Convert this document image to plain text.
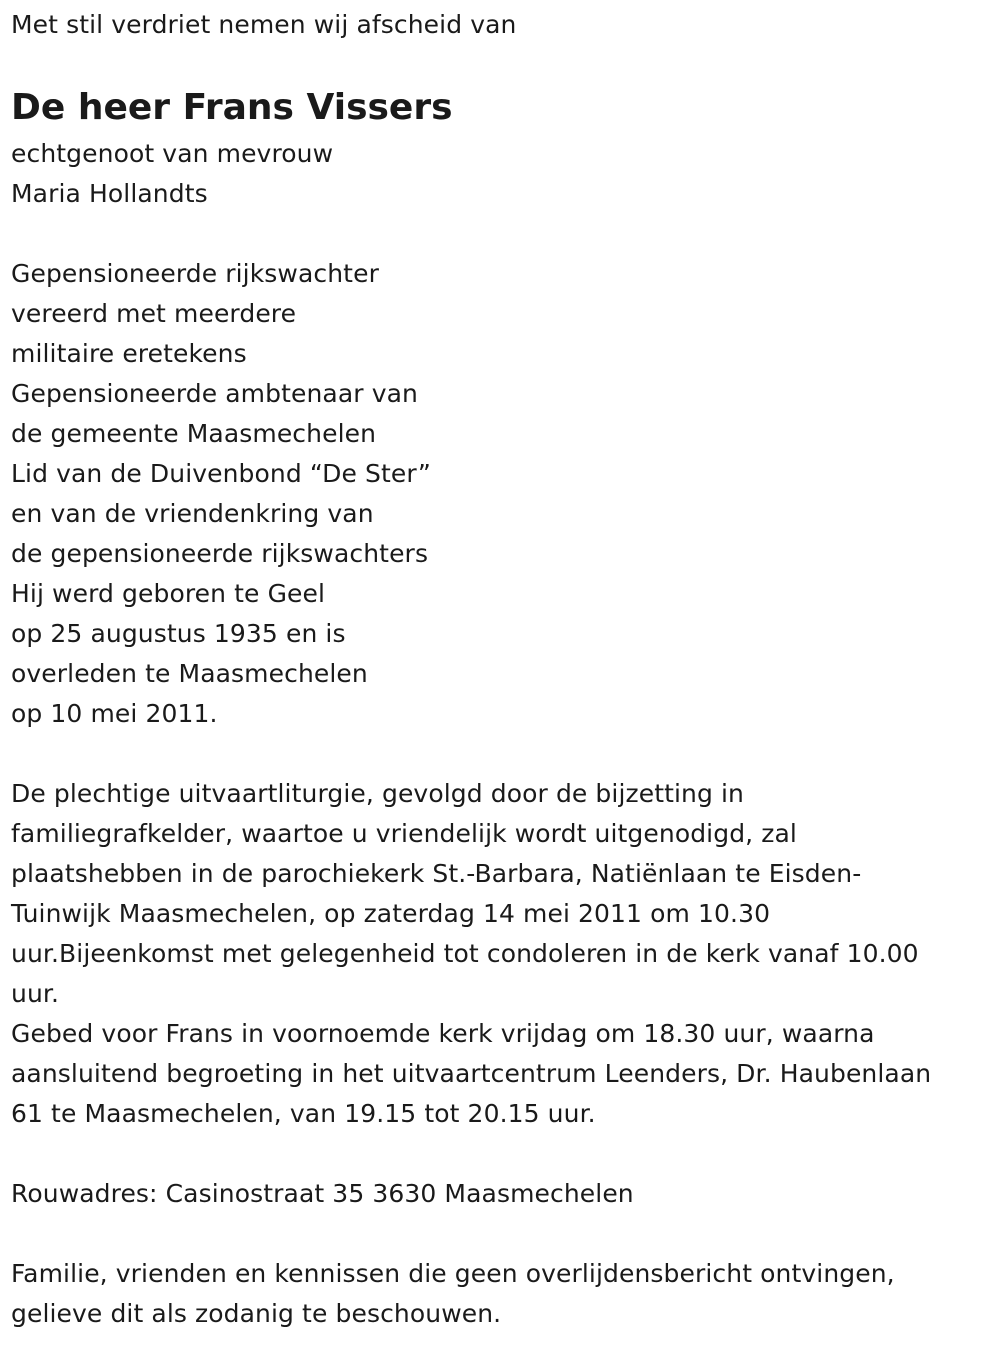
Met stil verdriet nemen wij afscheid van
De heer Frans Vissers
echtgenoot van mevrouw
Maria Hollandts
Gepensioneerde rijkswachter
vereerd met meerdere
militaire eretekens
Gepensioneerde ambtenaar van
de gemeente Maasmechelen
Lid van de Duivenbond “De Ster”
en van de vriendenkring van
de gepensioneerde rijkswachters
Hij werd geboren te Geel
op 25 augustus 1935 en is
overleden te Maasmechelen
op 10 mei 2011.
De plechtige uitvaartliturgie, gevolgd door de bijzetting in
familiegrafkelder, waartoe u vriendelijk wordt uitgenodigd, zal
plaatshebben in de parochiekerk St.-Barbara, Natiënlaan te Eisden-
Tuinwijk Maasmechelen, op zaterdag 14 mei 2011 om 10.30
uur.Bijeenkomst met gelegenheid tot condoleren in de kerk vanaf 10.00
uur.
Gebed voor Frans in voornoemde kerk vrijdag om 18.30 uur, waarna
aansluitend begroeting in het uitvaartcentrum Leenders, Dr. Haubenlaan
61 te Maasmechelen, van 19.15 tot 20.15 uur.
Rouwadres: Casinostraat 35 3630 Maasmechelen
Familie, vrienden en kennissen die geen overlijdensbericht ontvingen,
gelieve dit als zodanig te beschouwen.
